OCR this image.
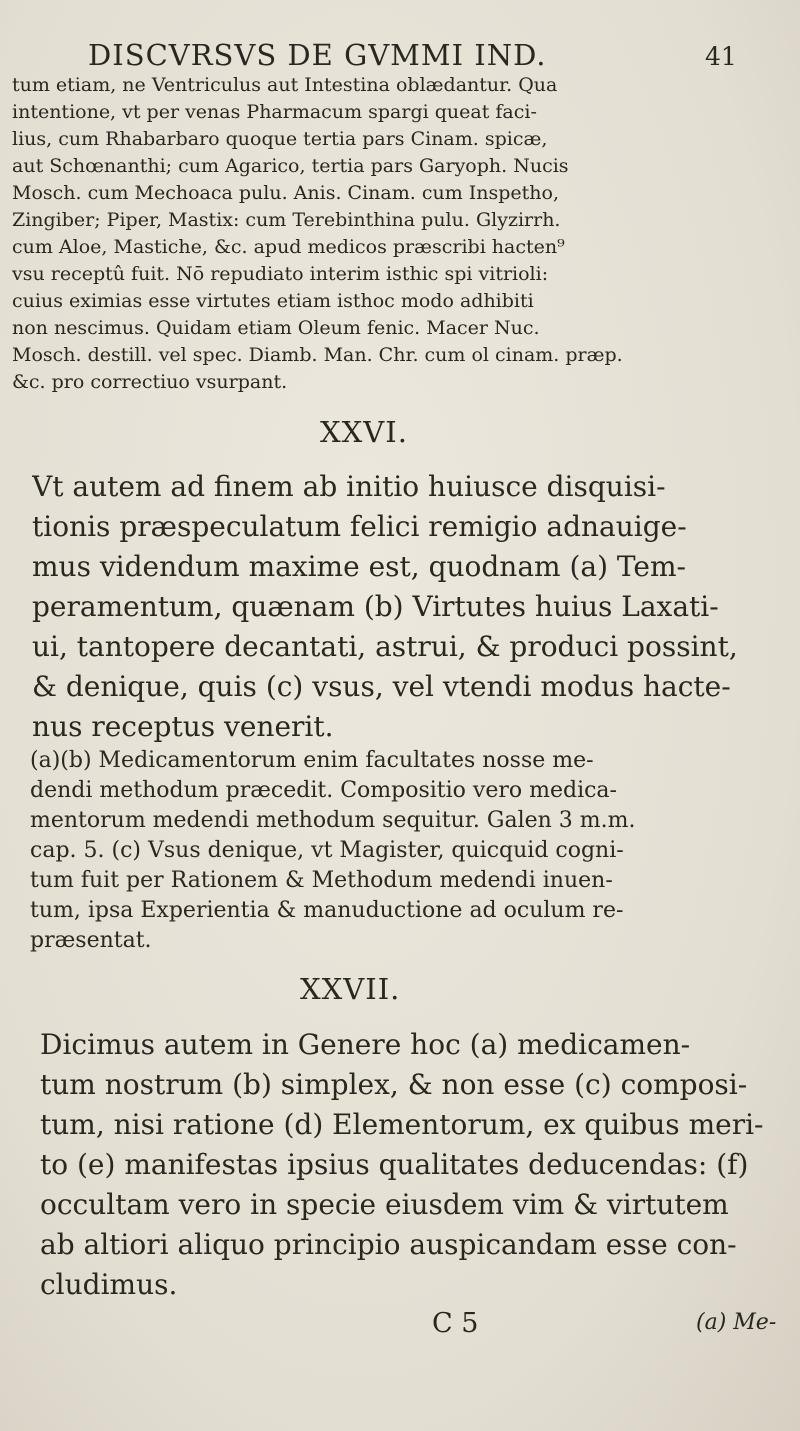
DISCVRSVS DE GVMMI IND.	41
tum etiam, ne Ventriculus aut Intestina oblædantur. Qua
intentione, vt per venas Pharmacum spargi queat faci-
lius, cum Rhabarbaro quoque tertia pars Cinam. spicæ,
aut Schœnanthi; cum Agarico, tertia pars Garyoph. Nucis
Mosch. cum Mechoaca pulu. Anis. Cinam. cum Inspetho,
Zingiber; Piper, Mastix: cum Terebinthina pulu. Glyzirrh.
cum Aloe, Mastiche, &c. apud medicos præscribi hacten⁹
vsu receptû fuit. Nō repudiato interim isthic spi vitrioli:
cuius eximias esse virtutes etiam isthoc modo adhibiti
non nescimus. Quidam etiam Oleum fenic. Macer Nuc.
Mosch. destill. vel spec. Diamb. Man. Chr. cum ol cinam. præp.
&c. pro correctiuo vsurpant.
XXVI.
Vt autem ad finem ab initio huiusce disquisi-
tionis præspeculatum felici remigio adnauige-
mus videndum maxime est, quodnam (a) Tem-
peramentum, quænam (b) Virtutes huius Laxati-
ui, tantopere decantati, astrui, & produci possint,
& denique, quis (c) vsus, vel vtendi modus hacte-
nus receptus venerit.
(a)(b) Medicamentorum enim facultates nosse me-
dendi methodum præcedit. Compositio vero medica-
mentorum medendi methodum sequitur. Galen 3 m.m.
cap. 5. (c) Vsus denique, vt Magister, quicquid cogni-
tum fuit per Rationem & Methodum medendi inuen-
tum, ipsa Experientia & manuductione ad oculum re-
præsentat.
XXVII.
Dicimus autem in Genere hoc (a) medicamen-
tum nostrum (b) simplex, & non esse (c) composi-
tum, nisi ratione (d) Elementorum, ex quibus meri-
to (e) manifestas ipsius qualitates deducendas: (f)
occultam vero in specie eiusdem vim & virtutem
ab altiori aliquo principio auspicandam esse con-
cludimus.
C 5	(a) Me-
